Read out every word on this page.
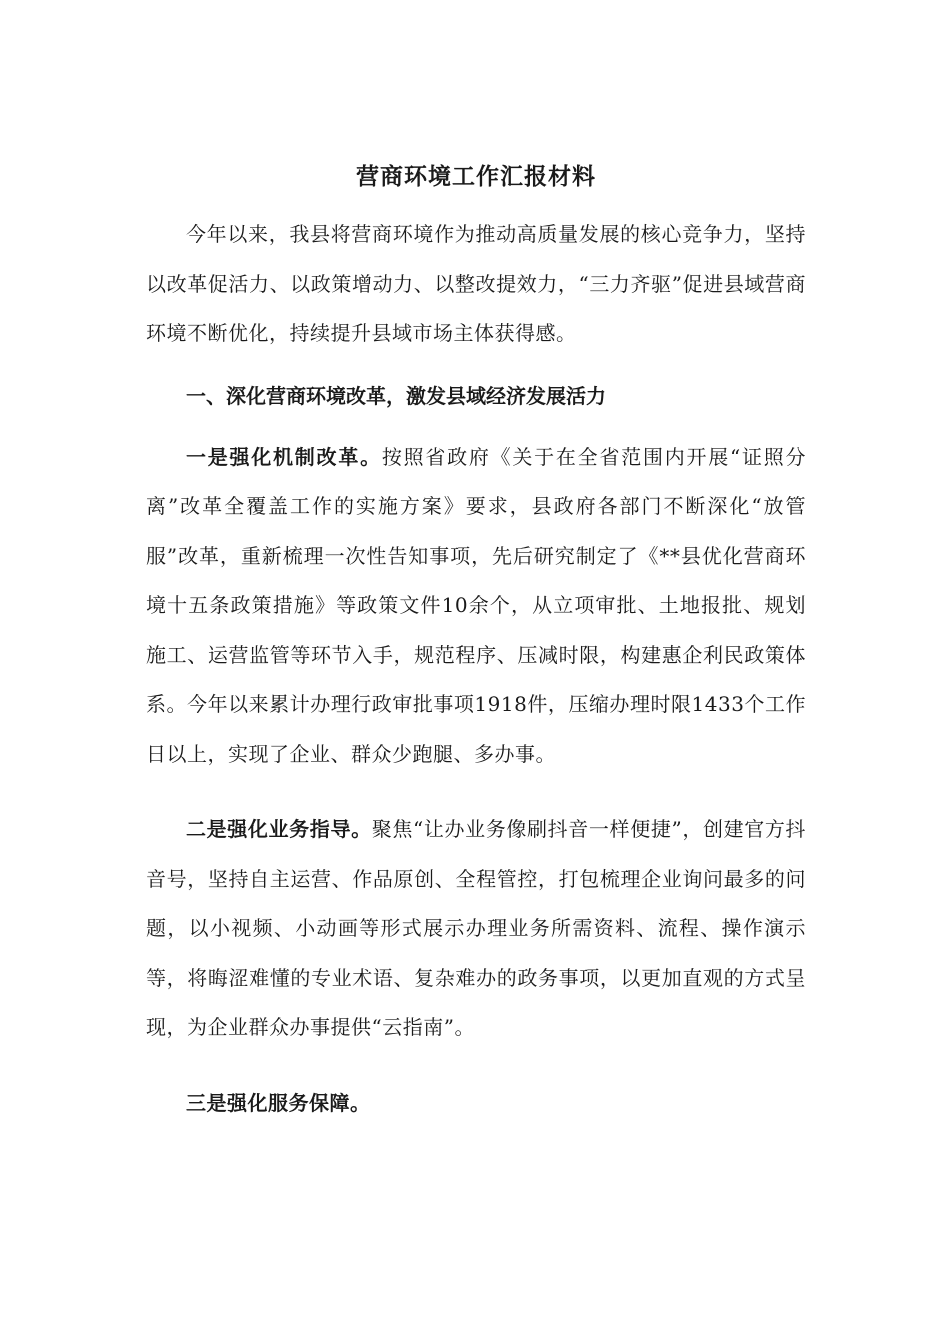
营商环境工作汇报材料

今年以来，我县将营商环境作为推动高质量发展的核心竞争力，坚持以改革促活力、以政策增动力、以整改提效力，“三力齐驱”促进县域营商环境不断优化，持续提升县域市场主体获得感。

一、深化营商环境改革，激发县域经济发展活力

一是强化机制改革。按照省政府《关于在全省范围内开展“证照分离”改革全覆盖工作的实施方案》要求，县政府各部门不断深化“放管服”改革，重新梳理一次性告知事项，先后研究制定了《**县优化营商环境十五条政策措施》等政策文件10余个，从立项审批、土地报批、规划施工、运营监管等环节入手，规范程序、压减时限，构建惠企利民政策体系。今年以来累计办理行政审批事项1918件，压缩办理时限1433个工作日以上，实现了企业、群众少跑腿、多办事。

二是强化业务指导。聚焦“让办业务像刷抖音一样便捷”，创建官方抖音号，坚持自主运营、作品原创、全程管控，打包梳理企业询问最多的问题，以小视频、小动画等形式展示办理业务所需资料、流程、操作演示等，将晦涩难懂的专业术语、复杂难办的政务事项，以更加直观的方式呈现，为企业群众办事提供“云指南”。

三是强化服务保障。
